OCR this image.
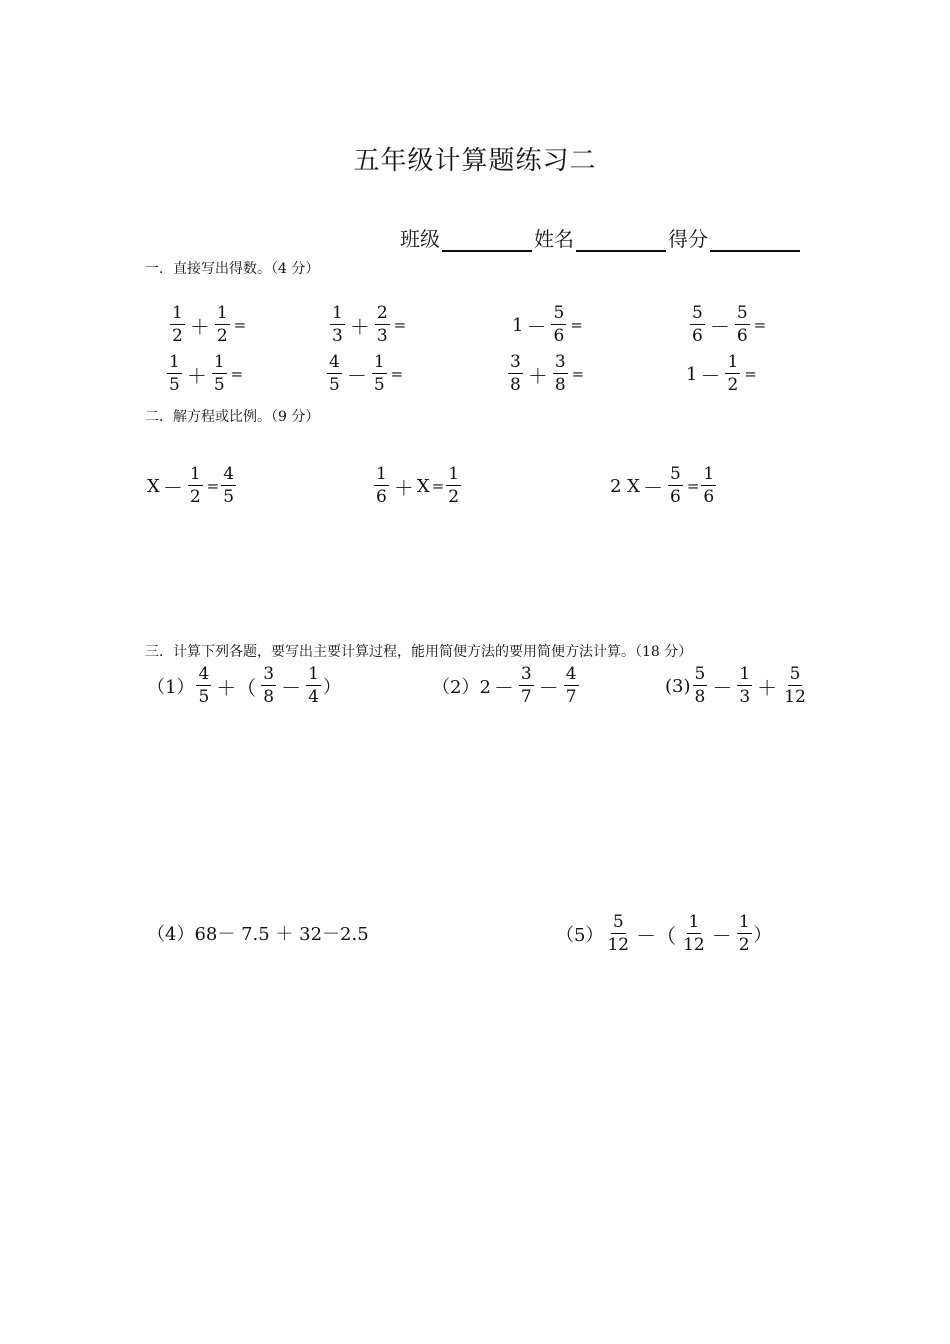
五年级计算题练习二
班级	姓名	得分
一．直接写出得数。（4 分）
$\frac{1}{2} + \frac{1}{2}$ =	$\frac{1}{3} + \frac{2}{3}$ =	$1 - \frac{5}{6}$ =	$\frac{5}{6} - \frac{5}{6}$ =
$\frac{1}{5} + \frac{1}{5}$ =	$\frac{4}{5} - \frac{1}{5}$ =	$\frac{3}{8} + \frac{3}{8}$ =	$1 - \frac{1}{2}$ =
二．解方程或比例。（9 分）
$X - \frac{1}{2} = \frac{4}{5}$	$\frac{1}{6} + X = \frac{1}{2}$	2 $X - \frac{5}{6} = \frac{1}{6}$
三．计算下列各题，要写出主要计算过程，能用简便方法的要用简便方法计算。（18 分）
$(1) \frac{4}{5}$ ＋（ $\frac{3}{8} - \frac{1}{4}$ ）	$(2)2 - \frac{3}{7} - \frac{4}{7}$	$(3) \frac{5}{8} - \frac{1}{3} + \frac{5}{12}$
（4）68－ 7.5 ＋ 32－2.5	$(5) \frac{5}{12}$ －（ $\frac{1}{12} - \frac{1}{2}$ ）
